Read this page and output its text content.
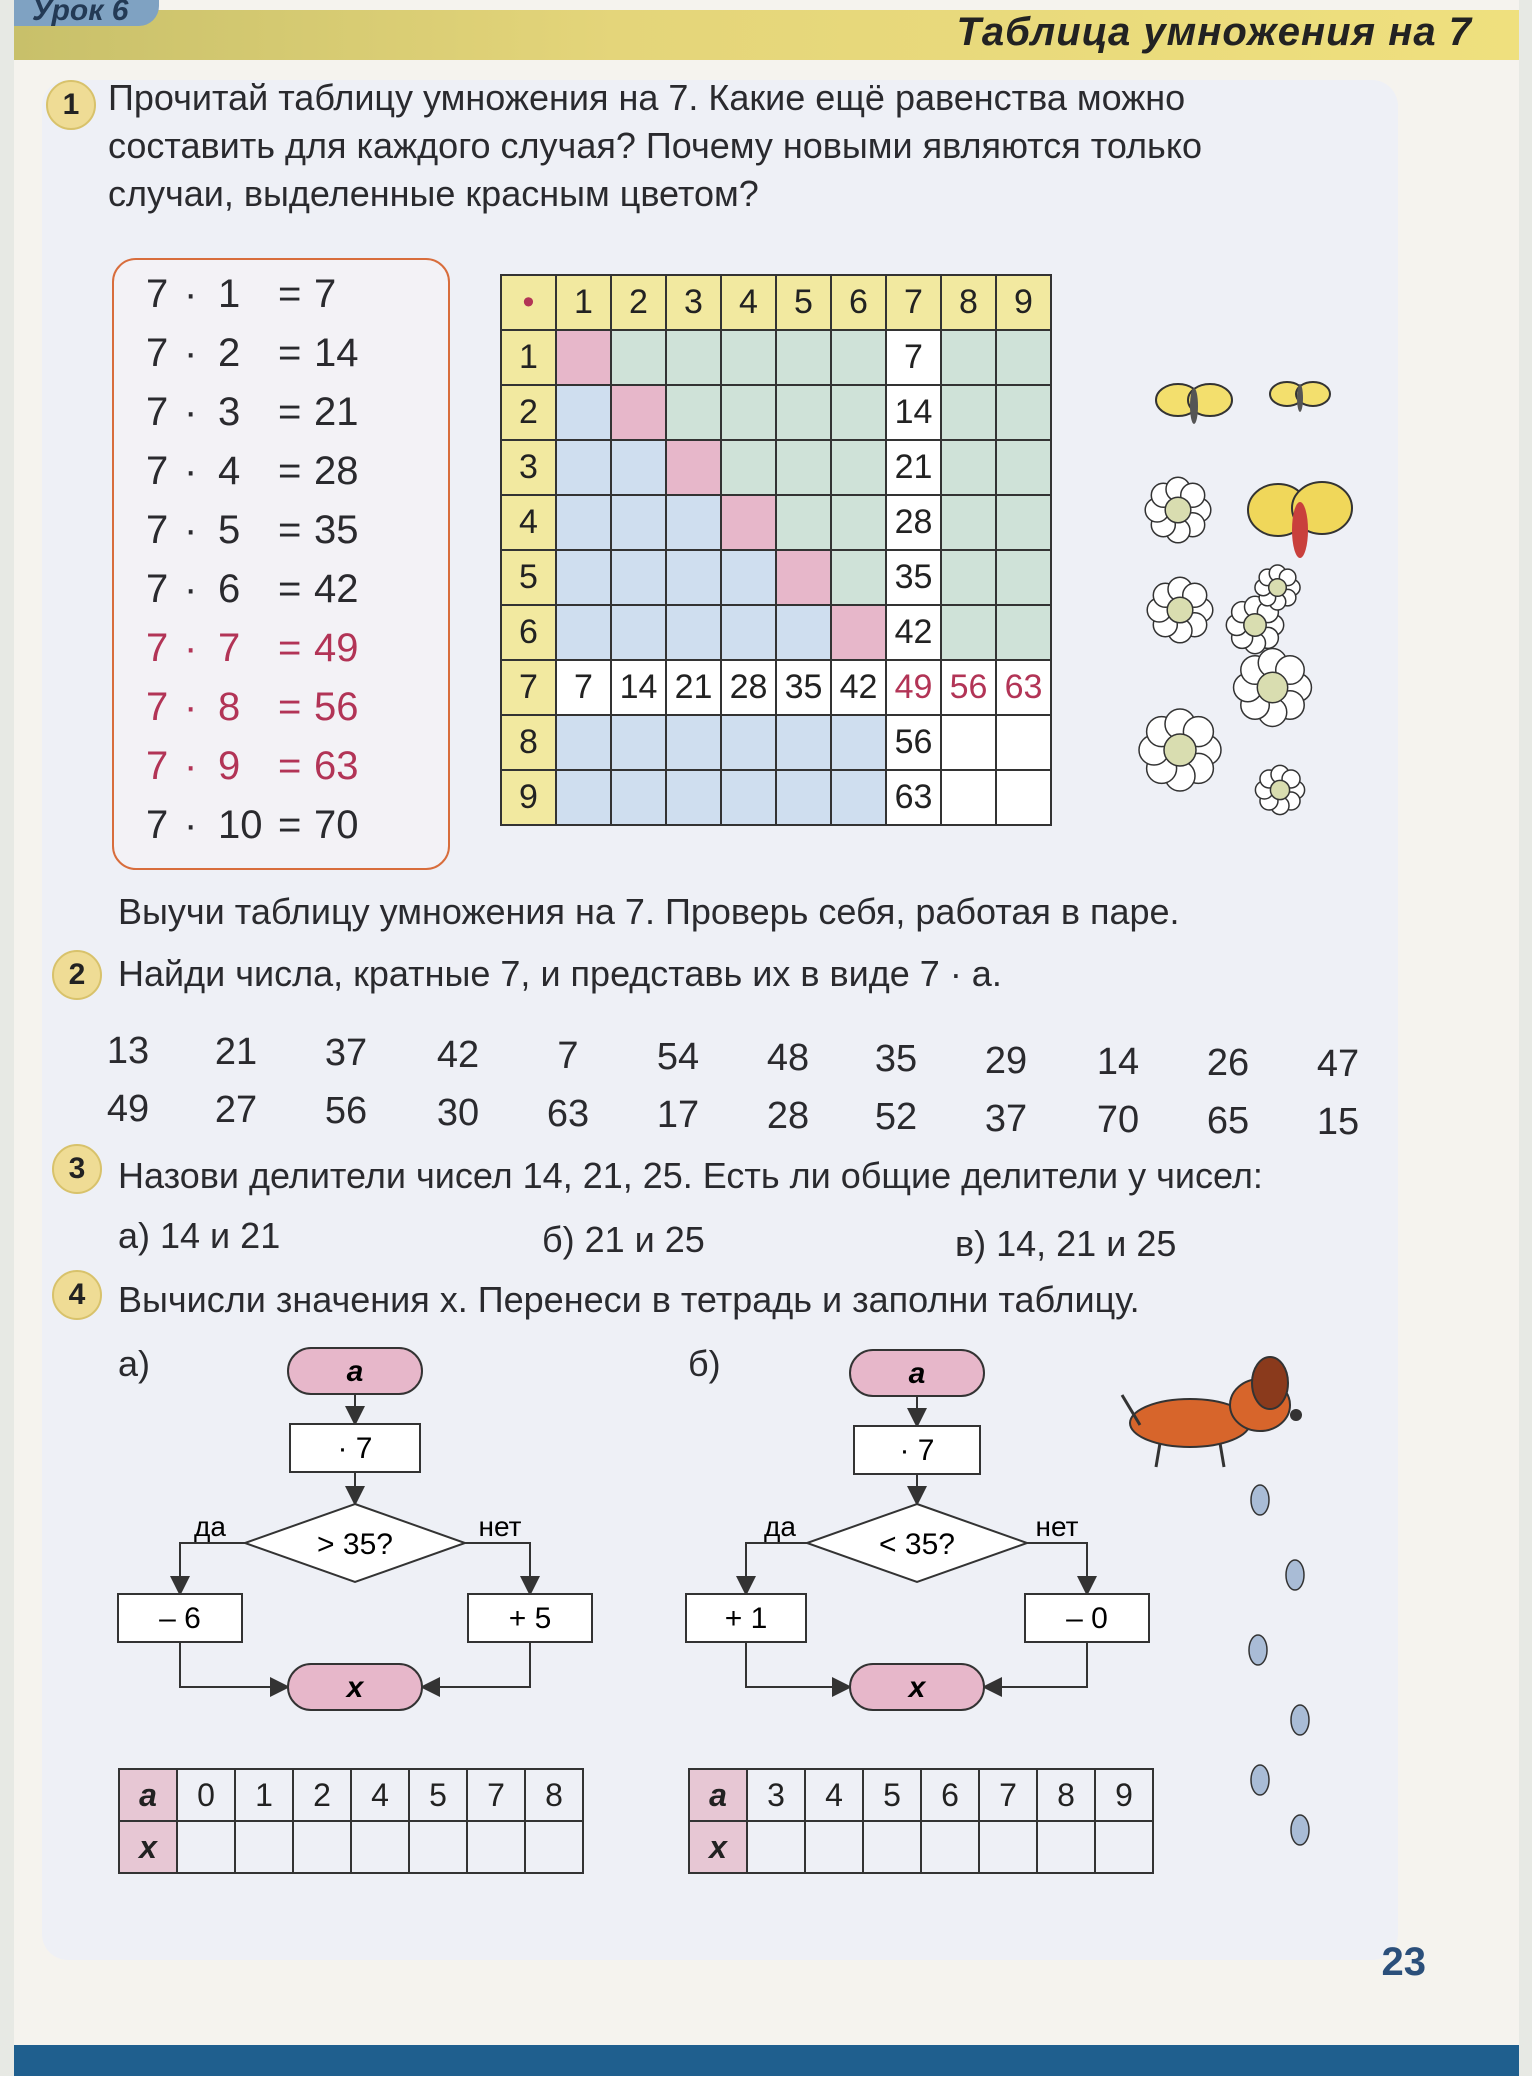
Урок 6	Таблица умножения на 7
1 Прочитай таблицу умножения на 7. Какие ещё равенства можно
составить для каждого случая? Почему новыми являются только
случаи, выделенные красным цветом?
7 · 1 = 7
7 · 2 = 14
7 · 3 = 21
7 · 4 = 28
7 · 5 = 35
7 · 6 = 42
7 · 7 = 49
7 · 8 = 56
7 · 9 = 63
7 · 10 = 70
•	1	2	3	4	5	6	7	8	9
1							7		
2							14		
3							21		
4							28		
5							35		
6							42		
7	7	14	21	28	35	42	49	56	63
8							56		
9							63		
Выучи таблицу умножения на 7. Проверь себя, работая в паре.
2 Найди числа, кратные 7, и представь их в виде 7 · а.
13	21	37	42	7	54	48	35	29	14	26	47
49	27	56	30	63	17	28	52	37	70	65	15
3 Назови делители чисел 14, 21, 25. Есть ли общие делители у чисел:
а) 14 и 21	б) 21 и 25	в) 14, 21 и 25
4 Вычисли значения x. Перенеси в тетрадь и заполни таблицу.
а)	a
· 7
> 35?
да	нет
– 6	+ 5
x
б)	a
· 7
< 35?
да	нет
+ 1	– 0
x
a	0	1	2	4	5	7	8
x							
a	3	4	5	6	7	8	9
x							
23
